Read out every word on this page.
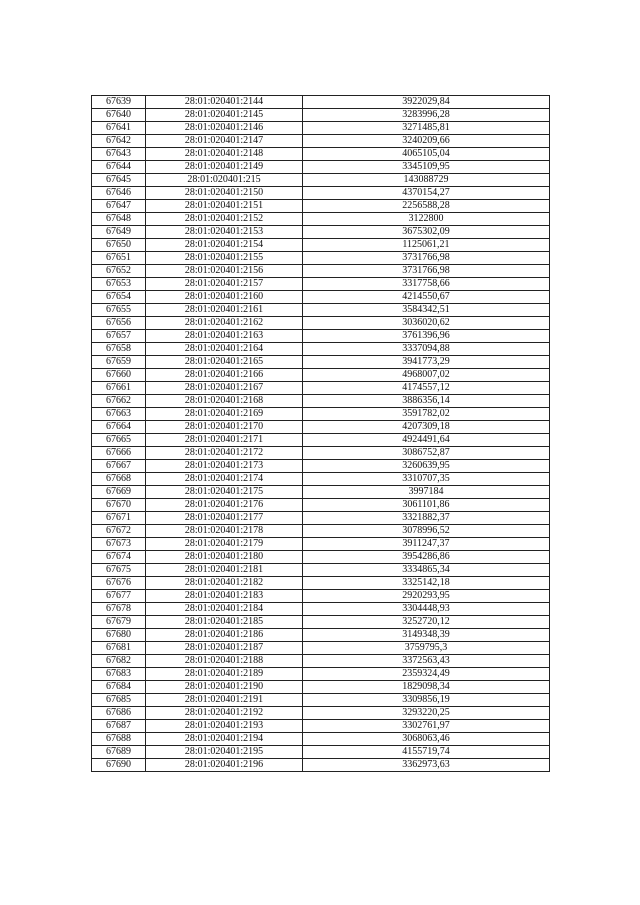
67639	28:01:020401:2144	3922029,84
67640	28:01:020401:2145	3283996,28
67641	28:01:020401:2146	3271485,81
67642	28:01:020401:2147	3240209,66
67643	28:01:020401:2148	4065105,04
67644	28:01:020401:2149	3345109,95
67645	28:01:020401:215	143088729
67646	28:01:020401:2150	4370154,27
67647	28:01:020401:2151	2256588,28
67648	28:01:020401:2152	3122800
67649	28:01:020401:2153	3675302,09
67650	28:01:020401:2154	1125061,21
67651	28:01:020401:2155	3731766,98
67652	28:01:020401:2156	3731766,98
67653	28:01:020401:2157	3317758,66
67654	28:01:020401:2160	4214550,67
67655	28:01:020401:2161	3584342,51
67656	28:01:020401:2162	3036020,62
67657	28:01:020401:2163	3761396,96
67658	28:01:020401:2164	3337094,88
67659	28:01:020401:2165	3941773,29
67660	28:01:020401:2166	4968007,02
67661	28:01:020401:2167	4174557,12
67662	28:01:020401:2168	3886356,14
67663	28:01:020401:2169	3591782,02
67664	28:01:020401:2170	4207309,18
67665	28:01:020401:2171	4924491,64
67666	28:01:020401:2172	3086752,87
67667	28:01:020401:2173	3260639,95
67668	28:01:020401:2174	3310707,35
67669	28:01:020401:2175	3997184
67670	28:01:020401:2176	3061101,86
67671	28:01:020401:2177	3321882,37
67672	28:01:020401:2178	3078996,52
67673	28:01:020401:2179	3911247,37
67674	28:01:020401:2180	3954286,86
67675	28:01:020401:2181	3334865,34
67676	28:01:020401:2182	3325142,18
67677	28:01:020401:2183	2920293,95
67678	28:01:020401:2184	3304448,93
67679	28:01:020401:2185	3252720,12
67680	28:01:020401:2186	3149348,39
67681	28:01:020401:2187	3759795,3
67682	28:01:020401:2188	3372563,43
67683	28:01:020401:2189	2359324,49
67684	28:01:020401:2190	1829098,34
67685	28:01:020401:2191	3309856,19
67686	28:01:020401:2192	3293220,25
67687	28:01:020401:2193	3302761,97
67688	28:01:020401:2194	3068063,46
67689	28:01:020401:2195	4155719,74
67690	28:01:020401:2196	3362973,63
